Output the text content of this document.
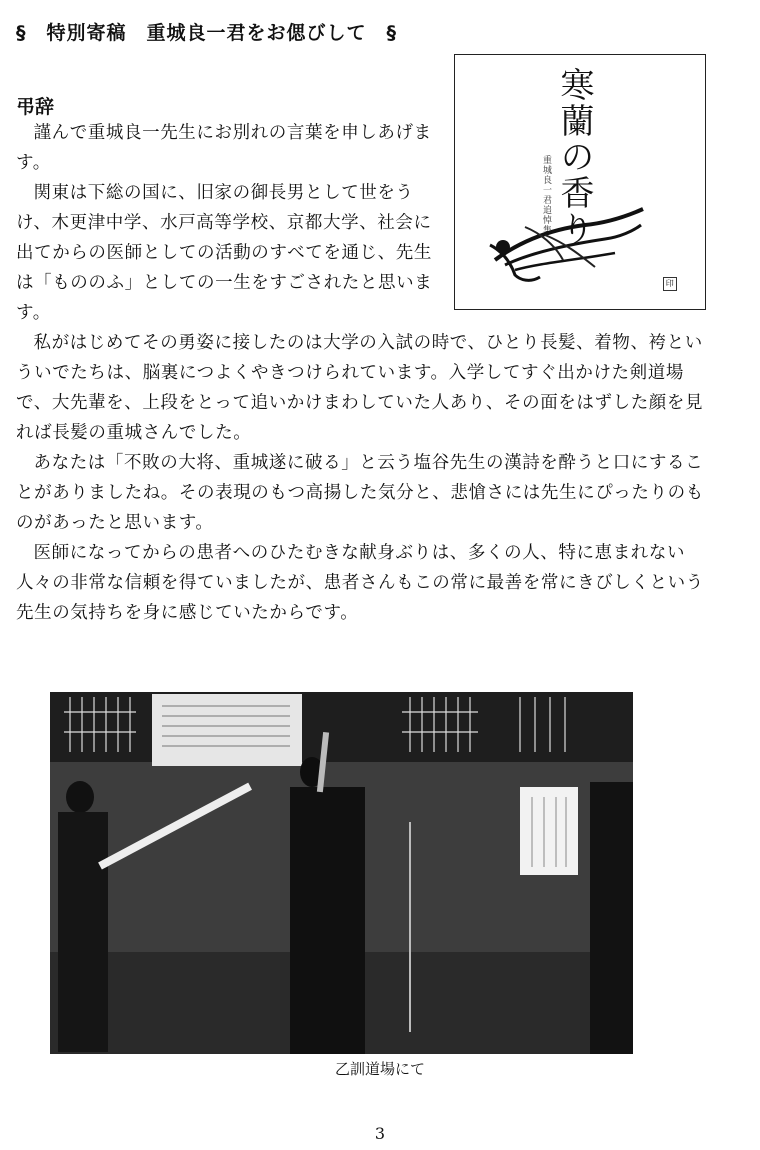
§　特別寄稿　重城良一君をお偲びして　§
弔辞	寒蘭の香り
重城良一君追悼集
印

謹んで重城良一先生にお別れの言葉を申しあげます。

関東は下総の国に、旧家の御長男として世をうけ、木更津中学、水戸高等学校、京都大学、社会に出てからの医師としての活動のすべてを通じ、先生は「もののふ」としての一生をすごされたと思います。

私がはじめてその勇姿に接したのは大学の入試の時で、ひとり長髪、着物、袴といういでたちは、脳裏につよくやきつけられています。入学してすぐ出かけた剣道場で、大先輩を、上段をとって追いかけまわしていた人あり、その面をはずした顔を見れば長髪の重城さんでした。

あなたは「不敗の大将、重城遂に破る」と云う塩谷先生の漢詩を酔うと口にすることがありましたね。その表現のもつ高揚した気分と、悲愴さには先生にぴったりのものがあったと思います。

医師になってからの患者へのひたむきな献身ぶりは、多くの人、特に恵まれない人々の非常な信頼を得ていましたが、患者さんもこの常に最善を常にきびしくという先生の気持ちを身に感じていたからです。

乙訓道場にて
3
